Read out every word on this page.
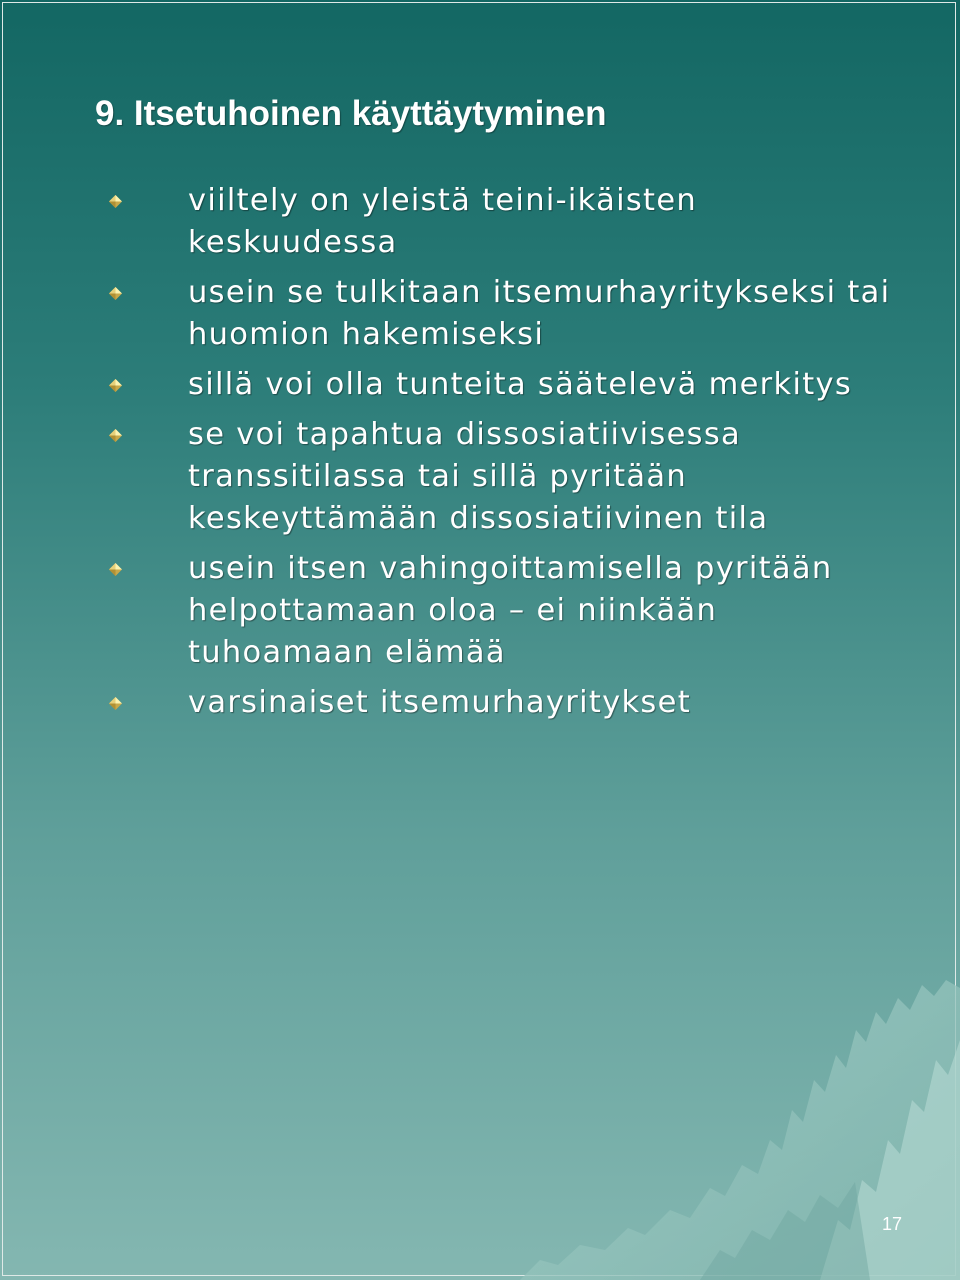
9. Itsetuhoinen käyttäytyminen
viiltely on yleistä teini-ikäisten keskuudessa
usein se tulkitaan itsemurhayritykseksi tai huomion hakemiseksi
sillä voi olla tunteita säätelevä merkitys
se voi tapahtua dissosiatiivisessa transsitilassa tai sillä pyritään keskeyttämään dissosiatiivinen tila
usein itsen vahingoittamisella pyritään helpottamaan oloa – ei niinkään tuhoamaan elämää
varsinaiset itsemurhayritykset
17
